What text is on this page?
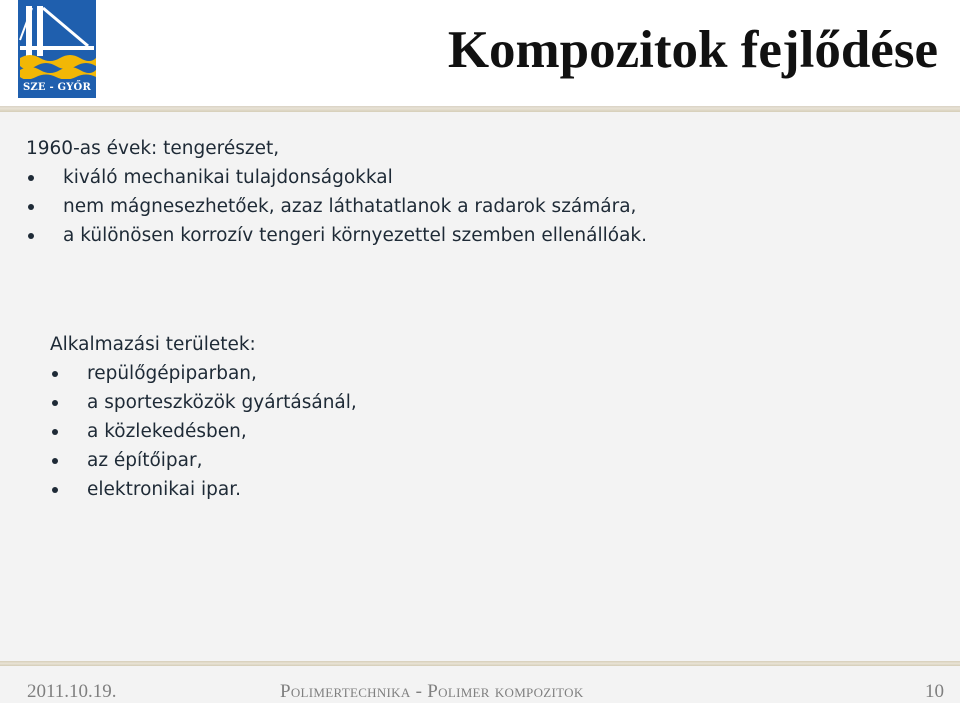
SZE - GYŐR
Kompozitok fejlődése
1960-as évek: tengerészet,
kiváló mechanikai tulajdonságokkal
nem mágnesezhetőek, azaz láthatatlanok a radarok számára,
a különösen korrozív tengeri környezettel szemben ellenállóak.
Alkalmazási területek:
repülőgépiparban,
a sporteszközök gyártásánál,
a közlekedésben,
az építőipar,
elektronikai ipar.
2011.10.19.	Polimertechnika - Polimer kompozitok	10
